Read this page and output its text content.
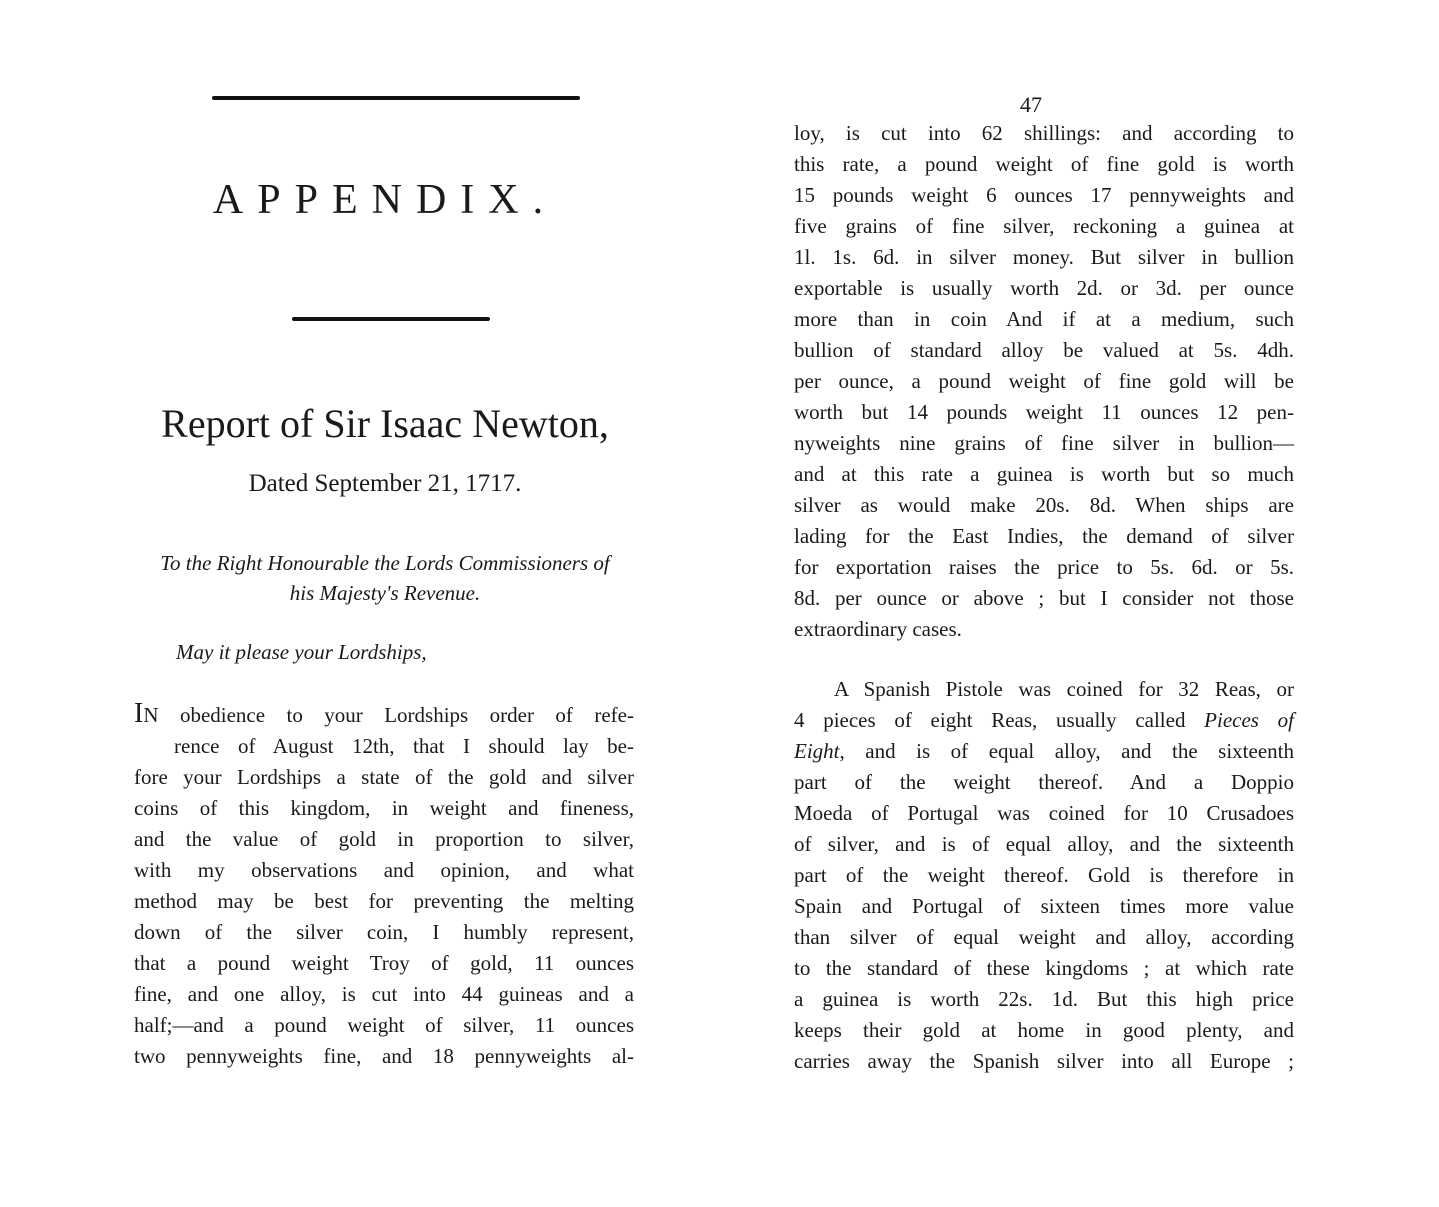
APPENDIX.
Report of Sir Isaac Newton,
Dated September 21, 1717.
To the Right Honourable the Lords Commissioners of
his Majesty's Revenue.
May it please your Lordships,
IN obedience to your Lordships order of refe-
rence of August 12th, that I should lay be-
fore your Lordships a state of the gold and silver
coins of this kingdom, in weight and fineness,
and the value of gold in proportion to silver,
with my observations and opinion, and what
method may be best for preventing the melting
down of the silver coin, I humbly represent,
that a pound weight Troy of gold, 11 ounces
fine, and one alloy, is cut into 44 guineas and a
half;—and a pound weight of silver, 11 ounces
two pennyweights fine, and 18 pennyweights al-
47
loy, is cut into 62 shillings: and according to
this rate, a pound weight of fine gold is worth
15 pounds weight 6 ounces 17 pennyweights and
five grains of fine silver, reckoning a guinea at
1l. 1s. 6d. in silver money. But silver in bullion
exportable is usually worth 2d. or 3d. per ounce
more than in coin And if at a medium, such
bullion of standard alloy be valued at 5s. 4dh.
per ounce, a pound weight of fine gold will be
worth but 14 pounds weight 11 ounces 12 pen-
nyweights nine grains of fine silver in bullion—
and at this rate a guinea is worth but so much
silver as would make 20s. 8d. When ships are
lading for the East Indies, the demand of silver
for exportation raises the price to 5s. 6d. or 5s.
8d. per ounce or above ; but I consider not those
extraordinary cases.
A Spanish Pistole was coined for 32 Reas, or
4 pieces of eight Reas, usually called Pieces of
Eight, and is of equal alloy, and the sixteenth
part of the weight thereof. And a Doppio
Moeda of Portugal was coined for 10 Crusadoes
of silver, and is of equal alloy, and the sixteenth
part of the weight thereof. Gold is therefore in
Spain and Portugal of sixteen times more value
than silver of equal weight and alloy, according
to the standard of these kingdoms ; at which rate
a guinea is worth 22s. 1d. But this high price
keeps their gold at home in good plenty, and
carries away the Spanish silver into all Europe ;
